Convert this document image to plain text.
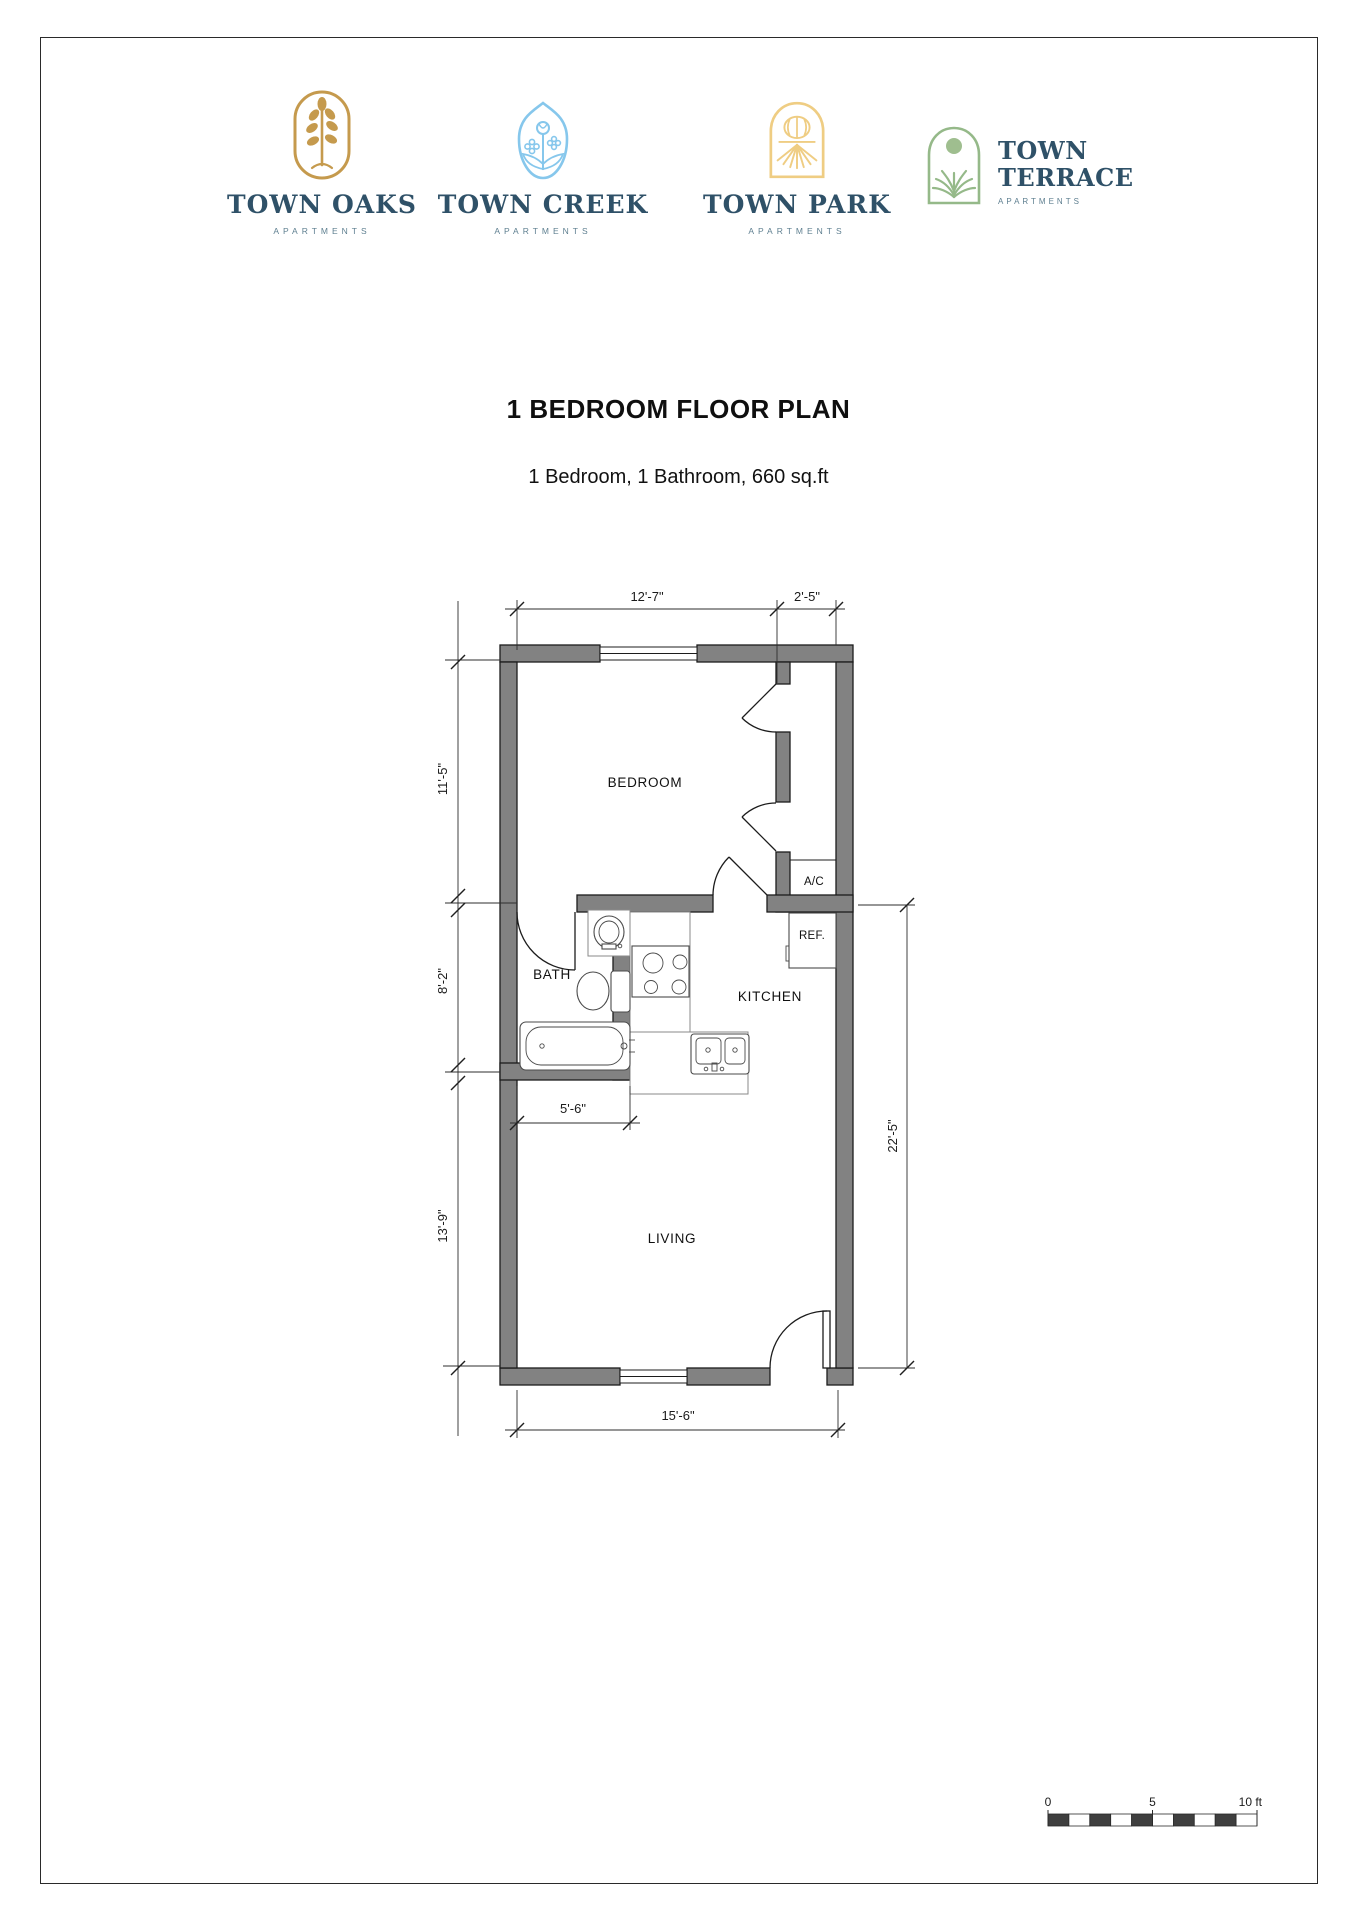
TOWN OAKS
APARTMENTS
TOWN CREEK
APARTMENTS
TOWN PARK
APARTMENTS
TOWN
TERRACE
APARTMENTS
1 BEDROOM FLOOR PLAN
1 Bedroom, 1 Bathroom, 660 sq.ft
12'-7"	2'-5"
11'-5"
8'-2"
13'-9"
22'-5"
5'-6"
15'-6"
BEDROOM
BATH
KITCHEN
LIVING
A/C
REF.
0	5	10 ft
